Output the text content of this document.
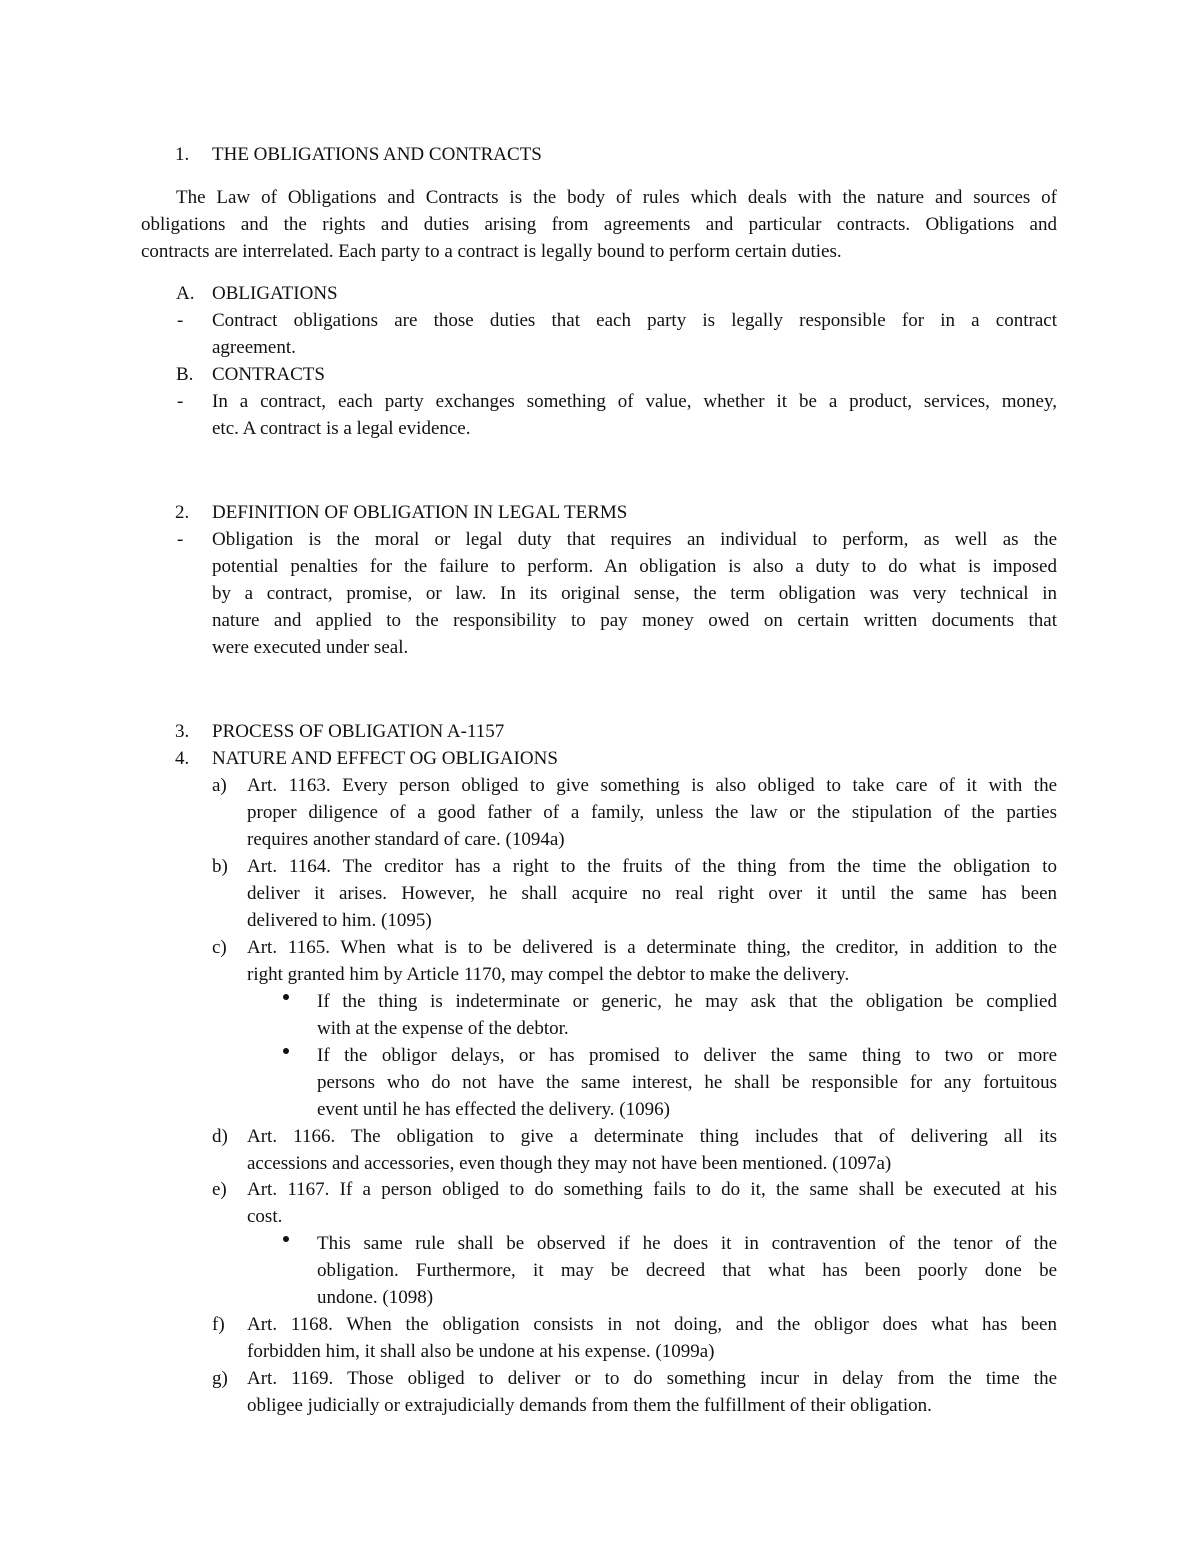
1. THE OBLIGATIONS AND CONTRACTS
The Law of Obligations and Contracts is the body of rules which deals with the nature and sources of
obligations and the rights and duties arising from agreements and particular contracts. Obligations and
contracts are interrelated. Each party to a contract is legally bound to perform certain duties.
A. OBLIGATIONS
- Contract obligations are those duties that each party is legally responsible for in a contract
agreement.
B. CONTRACTS
- In a contract, each party exchanges something of value, whether it be a product, services, money,
etc. A contract is a legal evidence.
2. DEFINITION OF OBLIGATION IN LEGAL TERMS
- Obligation is the moral or legal duty that requires an individual to perform, as well as the
potential penalties for the failure to perform. An obligation is also a duty to do what is imposed
by a contract, promise, or law. In its original sense, the term obligation was very technical in
nature and applied to the responsibility to pay money owed on certain written documents that
were executed under seal.
3. PROCESS OF OBLIGATION A-1157
4. NATURE AND EFFECT OG OBLIGAIONS
a) Art. 1163. Every person obliged to give something is also obliged to take care of it with the
proper diligence of a good father of a family, unless the law or the stipulation of the parties
requires another standard of care. (1094a)
b) Art. 1164. The creditor has a right to the fruits of the thing from the time the obligation to
deliver it arises. However, he shall acquire no real right over it until the same has been
delivered to him. (1095)
c) Art. 1165. When what is to be delivered is a determinate thing, the creditor, in addition to the
right granted him by Article 1170, may compel the debtor to make the delivery.
If the thing is indeterminate or generic, he may ask that the obligation be complied
with at the expense of the debtor.
If the obligor delays, or has promised to deliver the same thing to two or more
persons who do not have the same interest, he shall be responsible for any fortuitous
event until he has effected the delivery. (1096)
d) Art. 1166. The obligation to give a determinate thing includes that of delivering all its
accessions and accessories, even though they may not have been mentioned. (1097a)
e) Art. 1167. If a person obliged to do something fails to do it, the same shall be executed at his
cost.
This same rule shall be observed if he does it in contravention of the tenor of the
obligation. Furthermore, it may be decreed that what has been poorly done be
undone. (1098)
f) Art. 1168. When the obligation consists in not doing, and the obligor does what has been
forbidden him, it shall also be undone at his expense. (1099a)
g) Art. 1169. Those obliged to deliver or to do something incur in delay from the time the
obligee judicially or extrajudicially demands from them the fulfillment of their obligation.
